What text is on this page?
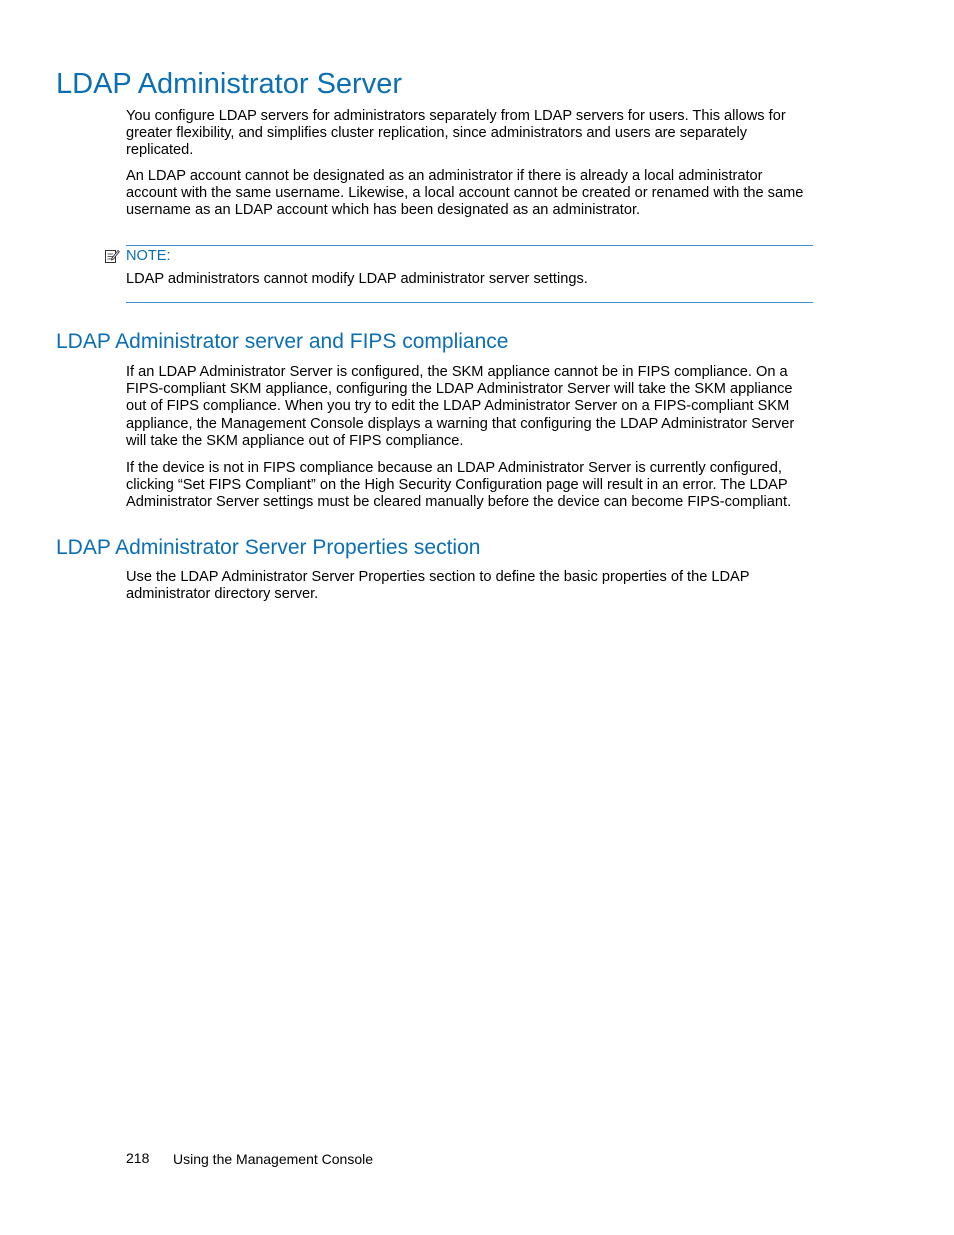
LDAP Administrator Server
You configure LDAP servers for administrators separately from LDAP servers for users. This allows for
greater flexibility, and simplifies cluster replication, since administrators and users are separately
replicated.
An LDAP account cannot be designated as an administrator if there is already a local administrator
account with the same username. Likewise, a local account cannot be created or renamed with the same
username as an LDAP account which has been designated as an administrator.
NOTE:
LDAP administrators cannot modify LDAP administrator server settings.
LDAP Administrator server and FIPS compliance
If an LDAP Administrator Server is configured, the SKM appliance cannot be in FIPS compliance. On a
FIPS-compliant SKM appliance, configuring the LDAP Administrator Server will take the SKM appliance
out of FIPS compliance. When you try to edit the LDAP Administrator Server on a FIPS-compliant SKM
appliance, the Management Console displays a warning that configuring the LDAP Administrator Server
will take the SKM appliance out of FIPS compliance.
If the device is not in FIPS compliance because an LDAP Administrator Server is currently configured,
clicking “Set FIPS Compliant” on the High Security Configuration page will result in an error. The LDAP
Administrator Server settings must be cleared manually before the device can become FIPS-compliant.
LDAP Administrator Server Properties section
Use the LDAP Administrator Server Properties section to define the basic properties of the LDAP
administrator directory server.
218 Using the Management Console
